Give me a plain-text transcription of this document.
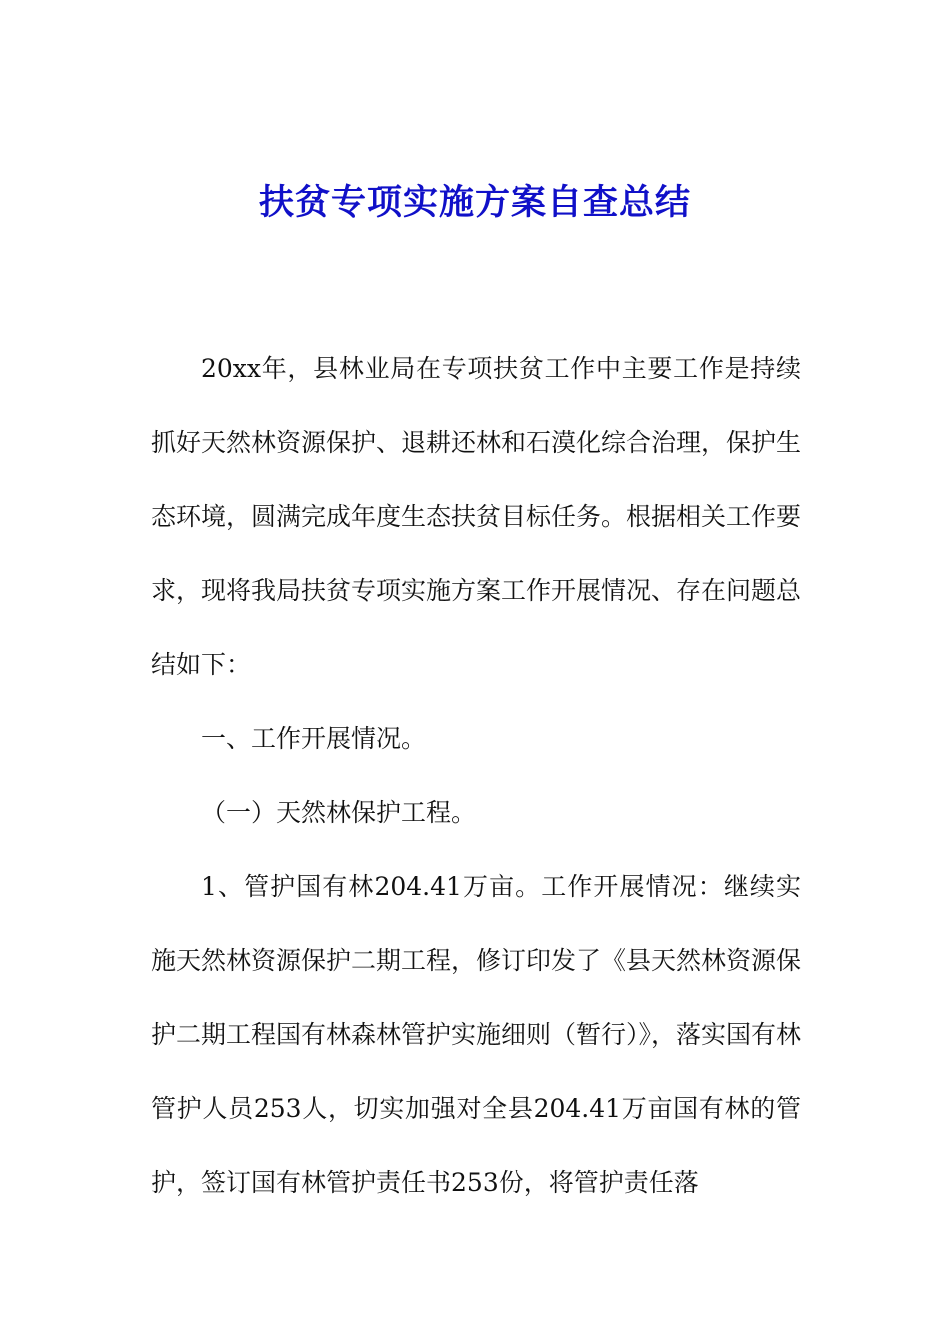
扶贫专项实施方案自查总结

20xx年，县林业局在专项扶贫工作中主要工作是持续抓好天然林资源保护、退耕还林和石漠化综合治理，保护生态环境，圆满完成年度生态扶贫目标任务。根据相关工作要求，现将我局扶贫专项实施方案工作开展情况、存在问题总结如下：

一、工作开展情况。

（一）天然林保护工程。

1、管护国有林204.41万亩。工作开展情况：继续实施天然林资源保护二期工程，修订印发了《县天然林资源保护二期工程国有林森林管护实施细则（暂行）》，落实国有林管护人员253人，切实加强对全县204.41万亩国有林的管护，签订国有林管护责任书253份，将管护责任落
